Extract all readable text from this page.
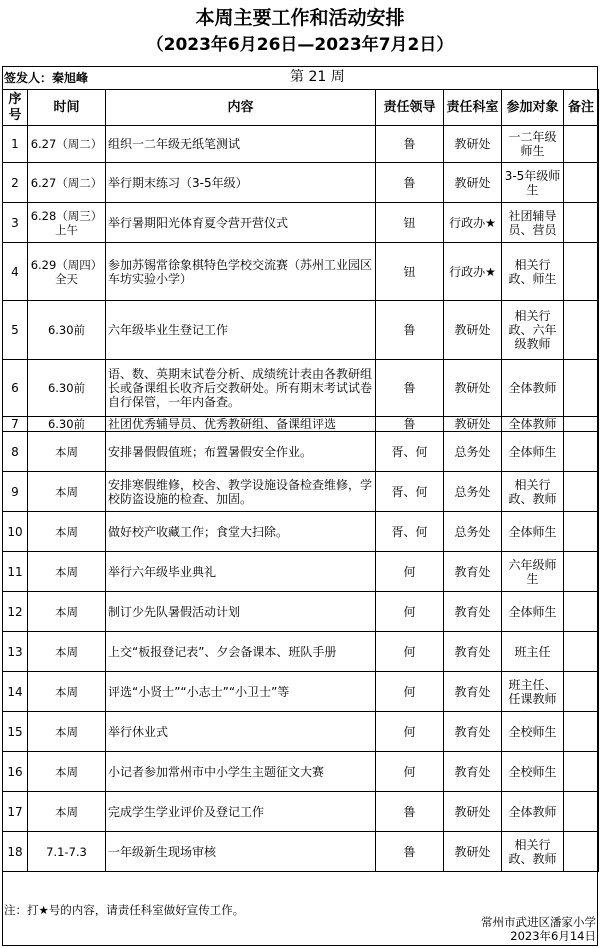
本周主要工作和活动安排
（2023年6月26日—2023年7月2日）
签发人：秦旭峰	第 21 周
序号	时间	内容	责任领导	责任科室	参加对象	备注
1	6.27（周二）	组织一二年级无纸笔测试	鲁	教研处	一二年级师生	
2	6.27（周二）	举行期末练习（3-5年级）	鲁	教研处	3-5年级师生	
3	6.28（周三）上午	举行暑期阳光体育夏令营开营仪式	钮	行政办★	社团辅导员、营员	
4	6.29（周四）全天	参加苏锡常徐象棋特色学校交流赛（苏州工业园区车坊实验小学）	钮	行政办★	相关行政、师生	
5	6.30前	六年级毕业生登记工作	鲁	教研处	相关行政、六年级教师	
6	6.30前	语、数、英期末试卷分析、成绩统计表由各教研组长或备课组长收齐后交教研处。所有期末考试试卷自行保管，一年内备查。	鲁	教研处	全体教师	
7	6.30前	社团优秀辅导员、优秀教研组、备课组评选	鲁	教研处	全体教师	
8	本周	安排暑假假值班；布置暑假安全作业。	胥、何	总务处	全体师生	
9	本周	安排寒假维修，校舍、教学设施设备检查维修，学校防盗设施的检查、加固。	胥、何	总务处	相关行政、教师	
10	本周	做好校产收藏工作；食堂大扫除。	胥、何	总务处	全体师生	
11	本周	举行六年级毕业典礼	何	教育处	六年级师生	
12	本周	制订少先队暑假活动计划	何	教育处	全体师生	
13	本周	上交“板报登记表”、夕会备课本、班队手册	何	教育处	班主任	
14	本周	评选“小贤士”“小志士”“小卫士”等	何	教育处	班主任、任课教师	
15	本周	举行休业式	何	教育处	全校师生	
16	本周	小记者参加常州市中小学生主题征文大赛	何	教育处	全校师生	
17	本周	完成学生学业评价及登记工作	鲁	教研处	全体教师	
18	7.1-7.3	一年级新生现场审核	鲁	教研处	相关行政、教师	
注：打★号的内容，请责任科室做好宣传工作。
常州市武进区潘家小学
2023年6月14日
